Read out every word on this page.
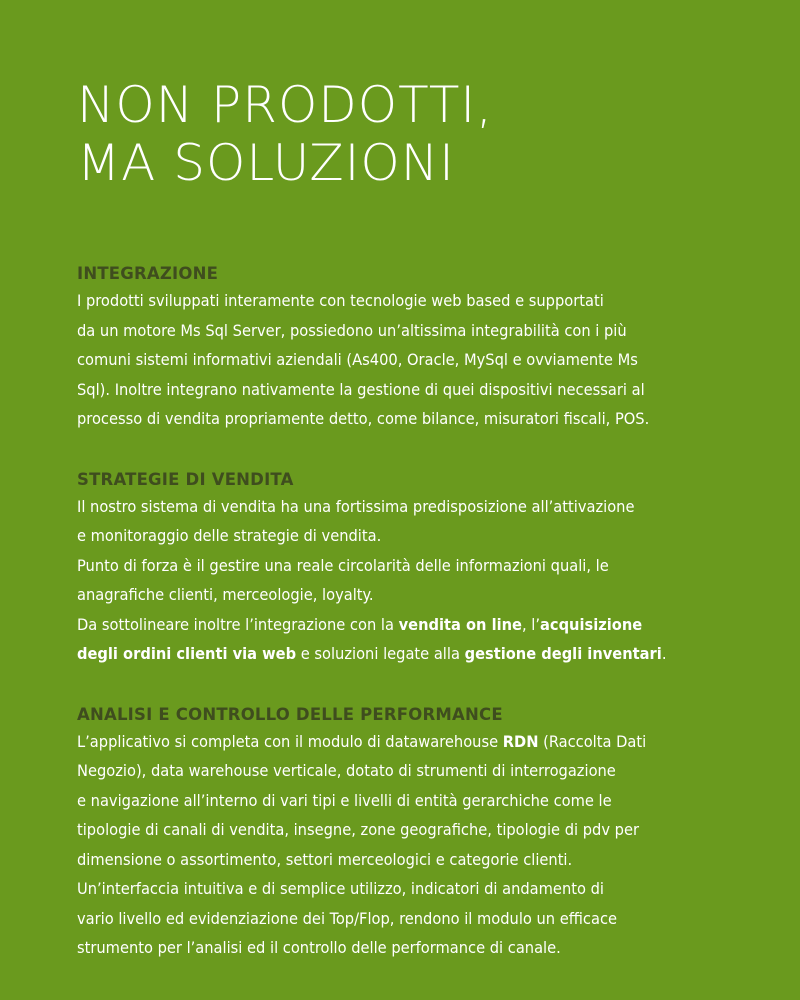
NON PRODOTTI,
MA SOLUZIONI
INTEGRAZIONE

I prodotti sviluppati interamente con tecnologie web based e supportati
da un motore Ms Sql Server, possiedono un’altissima integrabilità con i più
comuni sistemi informativi aziendali (As400, Oracle, MySql e ovviamente Ms
Sql). Inoltre integrano nativamente la gestione di quei dispositivi necessari al
processo di vendita propriamente detto, come bilance, misuratori fiscali, POS.

STRATEGIE DI VENDITA

Il nostro sistema di vendita ha una fortissima predisposizione all’attivazione
e monitoraggio delle strategie di vendita.
Punto di forza è il gestire una reale circolarità delle informazioni quali, le
anagrafiche clienti, merceologie, loyalty.
Da sottolineare inoltre l’integrazione con la vendita on line, l’acquisizione
degli ordini clienti via web e soluzioni legate alla gestione degli inventari.

ANALISI E CONTROLLO DELLE PERFORMANCE

L’applicativo si completa con il modulo di datawarehouse RDN (Raccolta Dati
Negozio), data warehouse verticale, dotato di strumenti di interrogazione
e navigazione all’interno di vari tipi e livelli di entità gerarchiche come le
tipologie di canali di vendita, insegne, zone geografiche, tipologie di pdv per
dimensione o assortimento, settori merceologici e categorie clienti.
Un’interfaccia intuitiva e di semplice utilizzo, indicatori di andamento di
vario livello ed evidenziazione dei Top/Flop, rendono il modulo un efficace
strumento per l’analisi ed il controllo delle performance di canale.
